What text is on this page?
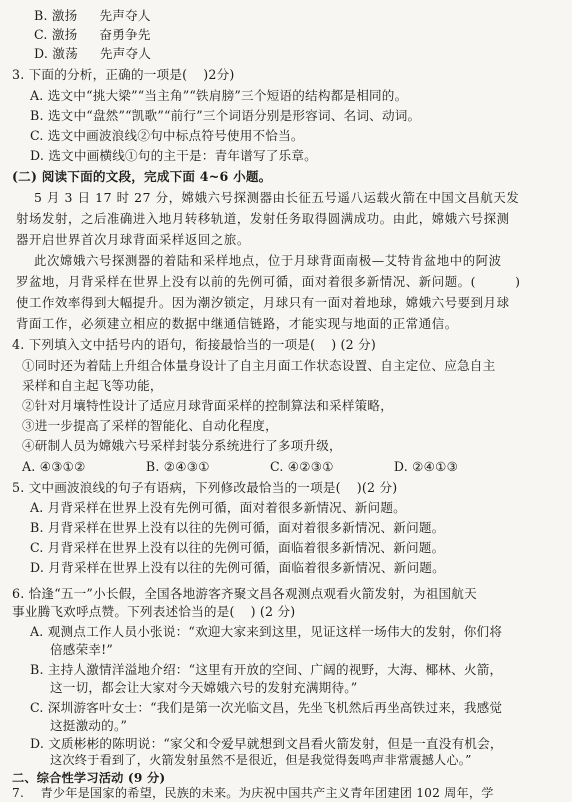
B. 激扬 先声夺人
C. 激扬 奋勇争先
D. 激荡 先声夺人
3. 下面的分析，正确的一项是( )2分)
A. 选文中“挑大梁”“当主角”“铁肩膀”三个短语的结构都是相同的。
B. 选文中“盘然”“凯歌”“前行”三个词语分别是形容词、名词、动词。
C. 选文中画波浪线②句中标点符号使用不恰当。
D. 选文中画横线①句的主干是：青年谱写了乐章。
(二) 阅读下面的文段，完成下面 4~6 小题。
5 月 3 日 17 时 27 分，嫦娥六号探测器由长征五号遥八运载火箭在中国文昌航天发
射场发射，之后准确进入地月转移轨道，发射任务取得圆满成功。由此，嫦娥六号探测
器开启世界首次月球背面采样返回之旅。
此次嫦娥六号探测器的着陆和采样地点，位于月球背面南极—艾特肯盆地中的阿波
罗盆地，月背采样在世界上没有以前的先例可循，面对着很多新情况、新问题。(　　　)
使工作效率得到大幅提升。因为潮汐锁定，月球只有一面对着地球，嫦娥六号要到月球
背面工作，必须建立相应的数据中继通信链路，才能实现与地面的正常通信。
4. 下列填入文中括号内的语句，衔接最恰当的一项是( ) (2 分)
①同时还为着陆上升组合体量身设计了自主月面工作状态设置、自主定位、应急自主
采样和自主起飞等功能，
②针对月壤特性设计了适应月球背面采样的控制算法和采样策略，
③进一步提高了采样的智能化、自动化程度，
④研制人员为嫦娥六号采样封装分系统进行了多项升级，
A. ④③①②	B. ②④③①	C. ④②③①	D. ②④①③
5. 文中画波浪线的句子有语病，下列修改最恰当的一项是( )(2 分)
A. 月背采样在世界上没有先例可循，面对着很多新情况、新问题。
B. 月背采样在世界上没有以往的先例可循，面对着很多新情况、新问题。
C. 月背采样在世界上没有以往的先例可循，面临着很多新情况、新问题。
D. 月背采样在世界上没有以往的先例可循，面临着很多新情况、新问题。
6. 恰逢“五一”小长假，全国各地游客齐聚文昌各观测点观看火箭发射，为祖国航天
事业腾飞欢呼点赞。下列表述恰当的是( ) (2 分)
A. 观测点工作人员小张说：“欢迎大家来到这里，见证这样一场伟大的发射，你们将
倍感荣幸!”
B. 主持人激情洋溢地介绍：“这里有开放的空间、广阔的视野，大海、椰林、火箭，
这一切，都会让大家对今天嫦娥六号的发射充满期待。”
C. 深圳游客叶女士：“我们是第一次光临文昌，先坐飞机然后再坐高铁过来，我感觉
这挺激动的。”
D. 文质彬彬的陈明说：“家父和令爱早就想到文昌看火箭发射，但是一直没有机会，
这次终于看到了，火箭发射虽然不是很近，但是我觉得轰鸣声非常震撼人心。”
二、综合性学习活动 (9 分)
7.　 青少年是国家的希望，民族的未来。为庆祝中国共产主义青年团建团 102 周年，学
